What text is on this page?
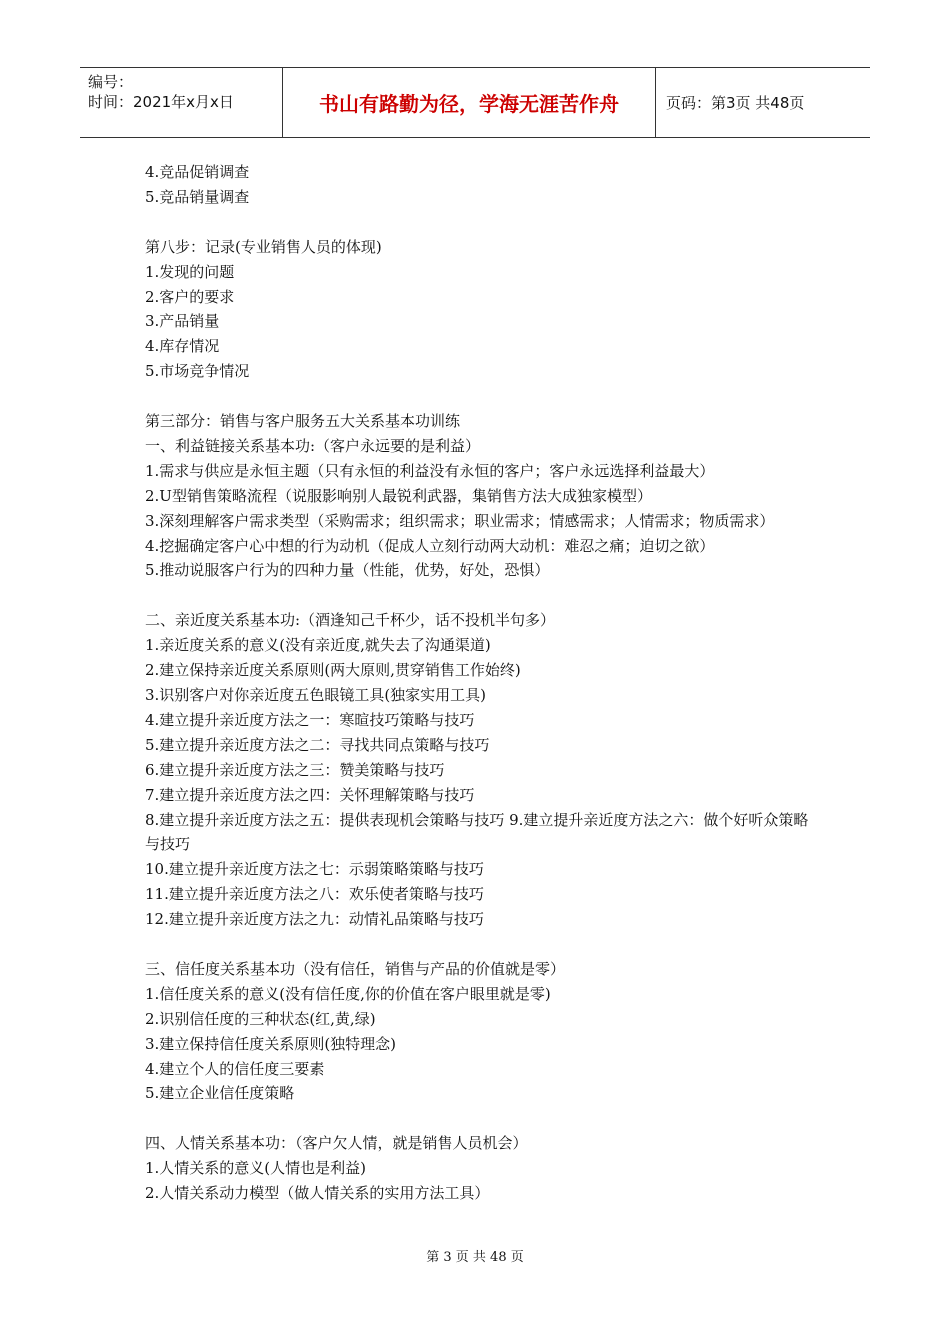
编号：
时间：2021年x月x日	书山有路勤为径，学海无涯苦作舟	页码：第3页 共48页
4.竞品促销调查
5.竞品销量调查
第八步：记录(专业销售人员的体现)
1.发现的问题
2.客户的要求
3.产品销量
4.库存情况
5.市场竞争情况
第三部分：销售与客户服务五大关系基本功训练
一、利益链接关系基本功:（客户永远要的是利益）
1.需求与供应是永恒主题（只有永恒的利益没有永恒的客户；客户永远选择利益最大）
2.U型销售策略流程（说服影响别人最锐利武器，集销售方法大成独家模型）
3.深刻理解客户需求类型（采购需求；组织需求；职业需求；情感需求；人情需求；物质需求）
4.挖掘确定客户心中想的行为动机（促成人立刻行动两大动机：难忍之痛；迫切之欲）
5.推动说服客户行为的四种力量（性能，优势，好处，恐惧）
二、亲近度关系基本功:（酒逢知己千杯少，话不投机半句多）
1.亲近度关系的意义(没有亲近度,就失去了沟通渠道)
2.建立保持亲近度关系原则(两大原则,贯穿销售工作始终)
3.识别客户对你亲近度五色眼镜工具(独家实用工具)
4.建立提升亲近度方法之一：寒暄技巧策略与技巧
5.建立提升亲近度方法之二：寻找共同点策略与技巧
6.建立提升亲近度方法之三：赞美策略与技巧
7.建立提升亲近度方法之四：关怀理解策略与技巧
8.建立提升亲近度方法之五：提供表现机会策略与技巧 9.建立提升亲近度方法之六：做个好听众策略与技巧
10.建立提升亲近度方法之七：示弱策略策略与技巧
11.建立提升亲近度方法之八：欢乐使者策略与技巧
12.建立提升亲近度方法之九：动情礼品策略与技巧
三、信任度关系基本功（没有信任，销售与产品的价值就是零）
1.信任度关系的意义(没有信任度,你的价值在客户眼里就是零)
2.识别信任度的三种状态(红,黄,绿)
3.建立保持信任度关系原则(独特理念)
4.建立个人的信任度三要素
5.建立企业信任度策略
四、人情关系基本功：（客户欠人情，就是销售人员机会）
1.人情关系的意义(人情也是利益)
2.人情关系动力模型（做人情关系的实用方法工具）
第 3 页 共 48 页
